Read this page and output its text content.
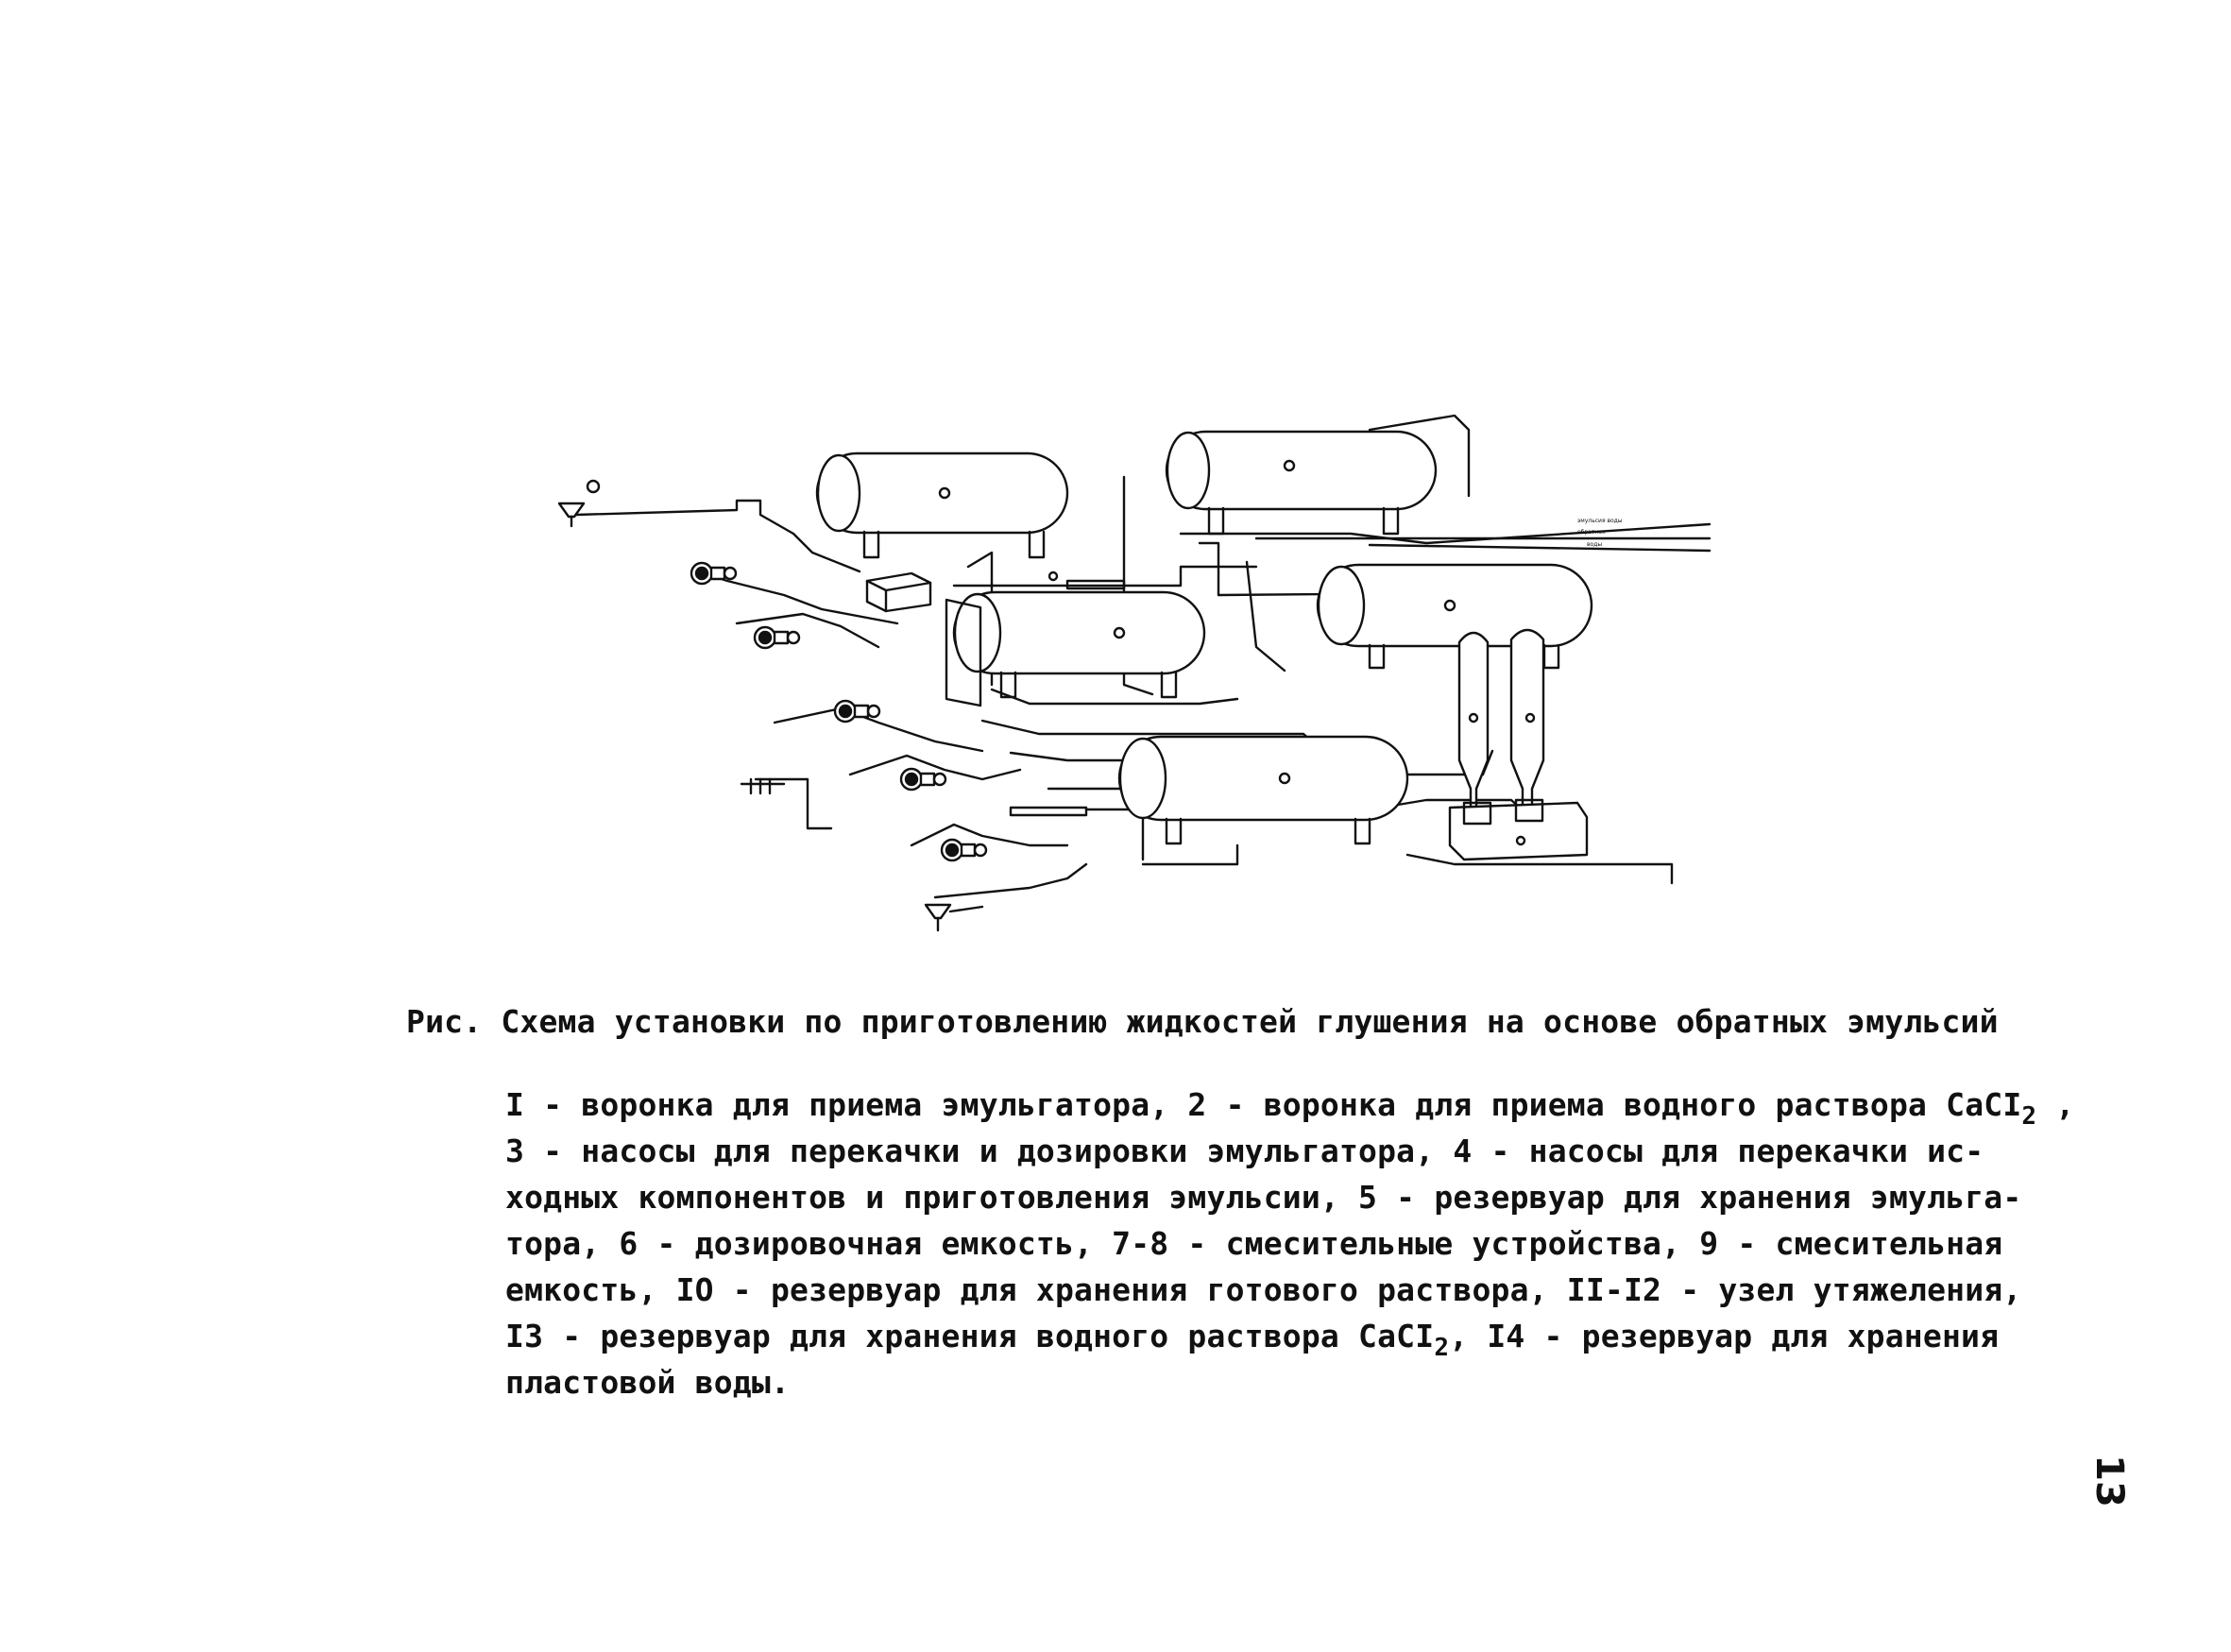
эмульсия воды
обратная
воды
Рис. Схема установки по приготовлению жидкостей глушения на основе обратных эмульсий
I - воронка для приема эмульгатора, 2 - воронка для приема водного раствора CaCI$_2$ ,
3 - насосы для перекачки и дозировки эмульгатора, 4 - насосы для перекачки ис-
ходных компонентов и приготовления эмульсии, 5 - резервуар для хранения эмульга-
тора, 6 - дозировочная емкость, 7-8 - смесительные устройства, 9 - смесительная
емкость, IO - резервуар для хранения готового раствора, II-I2 - узел утяжеления,
I3 - резервуар для хранения водного раствора CaCI$_2$, I4 - резервуар для хранения
пластовой воды.
13
